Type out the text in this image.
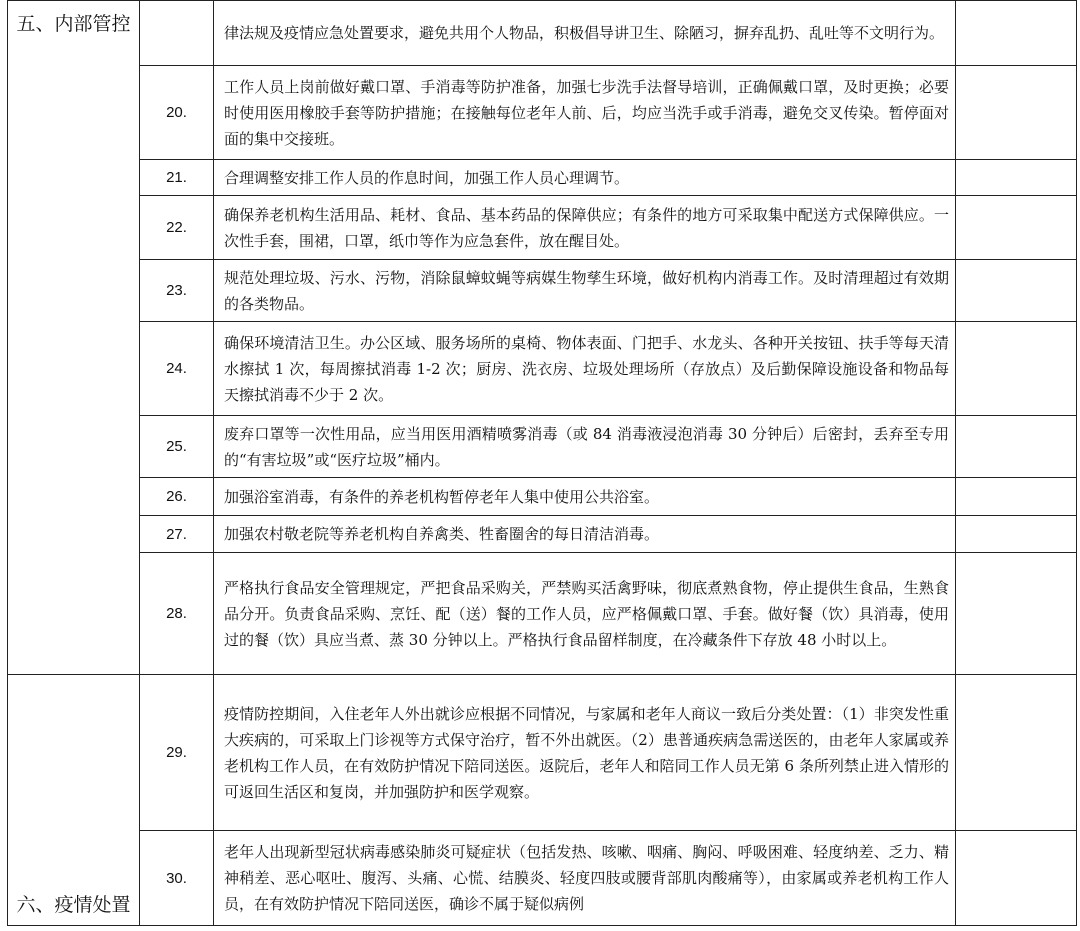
五、内部管控		律法规及疫情应急处置要求，避免共用个人物品，积极倡导讲卫生、除陋习，摒弃乱扔、乱吐等不文明行为。	
	20.	工作人员上岗前做好戴口罩、手消毒等防护准备，加强七步洗手法督导培训，正确佩戴口罩，及时更换；必要时使用医用橡胶手套等防护措施；在接触每位老年人前、后，均应当洗手或手消毒，避免交叉传染。暂停面对面的集中交接班。	
	21.	合理调整安排工作人员的作息时间，加强工作人员心理调节。	
	22.	确保养老机构生活用品、耗材、食品、基本药品的保障供应；有条件的地方可采取集中配送方式保障供应。一次性手套，围裙，口罩，纸巾等作为应急套件，放在醒目处。	
	23.	规范处理垃圾、污水、污物，消除鼠蟑蚊蝇等病媒生物孳生环境，做好机构内消毒工作。及时清理超过有效期的各类物品。	
	24.	确保环境清洁卫生。办公区域、服务场所的桌椅、物体表面、门把手、水龙头、各种开关按钮、扶手等每天清水擦拭 1 次，每周擦拭消毒 1-2 次；厨房、洗衣房、垃圾处理场所（存放点）及后勤保障设施设备和物品每天擦拭消毒不少于 2 次。	
	25.	废弃口罩等一次性用品，应当用医用酒精喷雾消毒（或 84 消毒液浸泡消毒 30 分钟后）后密封，丢弃至专用的“有害垃圾”或“医疗垃圾”桶内。	
	26.	加强浴室消毒，有条件的养老机构暂停老年人集中使用公共浴室。	
	27.	加强农村敬老院等养老机构自养禽类、牲畜圈舍的每日清洁消毒。	
	28.	严格执行食品安全管理规定，严把食品采购关，严禁购买活禽野味，彻底煮熟食物，停止提供生食品，生熟食品分开。负责食品采购、烹饪、配（送）餐的工作人员，应严格佩戴口罩、手套。做好餐（饮）具消毒，使用过的餐（饮）具应当煮、蒸 30 分钟以上。严格执行食品留样制度，在冷藏条件下存放 48 小时以上。	
六、疫情处置	29.	疫情防控期间，入住老年人外出就诊应根据不同情况，与家属和老年人商议一致后分类处置：（1）非突发性重大疾病的，可采取上门诊视等方式保守治疗，暂不外出就医。（2）患普通疾病急需送医的，由老年人家属或养老机构工作人员，在有效防护情况下陪同送医。返院后，老年人和陪同工作人员无第 6 条所列禁止进入情形的可返回生活区和复岗，并加强防护和医学观察。	
	30.	老年人出现新型冠状病毒感染肺炎可疑症状（包括发热、咳嗽、咽痛、胸闷、呼吸困难、轻度纳差、乏力、精神稍差、恶心呕吐、腹泻、头痛、心慌、结膜炎、轻度四肢或腰背部肌肉酸痛等），由家属或养老机构工作人员，在有效防护情况下陪同送医，确诊不属于疑似病例	
